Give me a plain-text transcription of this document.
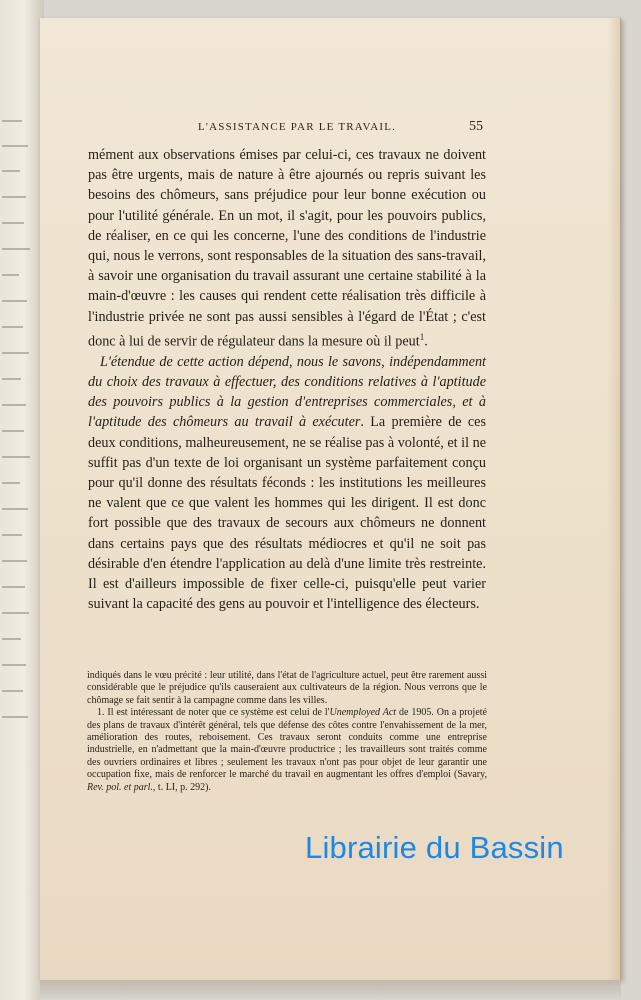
L'ASSISTANCE PAR LE TRAVAIL.	55

mément aux observations émises par celui-ci, ces travaux ne doivent pas être urgents, mais de nature à être ajournés ou repris suivant les besoins des chômeurs, sans préjudice pour leur bonne exécution ou pour l'utilité générale. En un mot, il s'agit, pour les pouvoirs publics, de réaliser, en ce qui les concerne, l'une des conditions de l'industrie qui, nous le verrons, sont responsables de la situation des sans-travail, à savoir une organisation du travail assurant une certaine stabilité à la main-d'œuvre : les causes qui rendent cette réalisation très difficile à l'industrie privée ne sont pas aussi sensibles à l'égard de l'État ; c'est donc à lui de servir de régulateur dans la mesure où il peut$^1$.

L'étendue de cette action dépend, nous le savons, indépendamment du choix des travaux à effectuer, des conditions relatives à l'aptitude des pouvoirs publics à la gestion d'entreprises commerciales, et à l'aptitude des chômeurs au travail à exécuter. La première de ces deux conditions, malheureusement, ne se réalise pas à volonté, et il ne suffit pas d'un texte de loi organisant un système parfaitement conçu pour qu'il donne des résultats féconds : les institutions les meilleures ne valent que ce que valent les hommes qui les dirigent. Il est donc fort possible que des travaux de secours aux chômeurs ne donnent dans certains pays que des résultats médiocres et qu'il ne soit pas désirable d'en étendre l'application au delà d'une limite très restreinte. Il est d'ailleurs impossible de fixer celle-ci, puisqu'elle peut varier suivant la capacité des gens au pouvoir et l'intelligence des électeurs.

indiqués dans le vœu précité : leur utilité, dans l'état de l'agriculture actuel, peut être rarement aussi considérable que le préjudice qu'ils causeraient aux cultivateurs de la région. Nous verrons que le chômage se fait sentir à la campagne comme dans les villes.

1. Il est intéressant de noter que ce système est celui de l'Unemployed Act de 1905. On a projeté des plans de travaux d'intérêt général, tels que défense des côtes contre l'envahissement de la mer, amélioration des routes, reboisement. Ces travaux seront conduits comme une entreprise industrielle, en n'admettant que la main-d'œuvre productrice ; les travailleurs sont traités comme des ouvriers ordinaires et libres ; seulement les travaux n'ont pas pour objet de leur garantir une occupation fixe, mais de renforcer le marché du travail en augmentant les offres d'emploi (Savary, Rev. pol. et parl., t. LI, p. 292).

Librairie du Bassin
